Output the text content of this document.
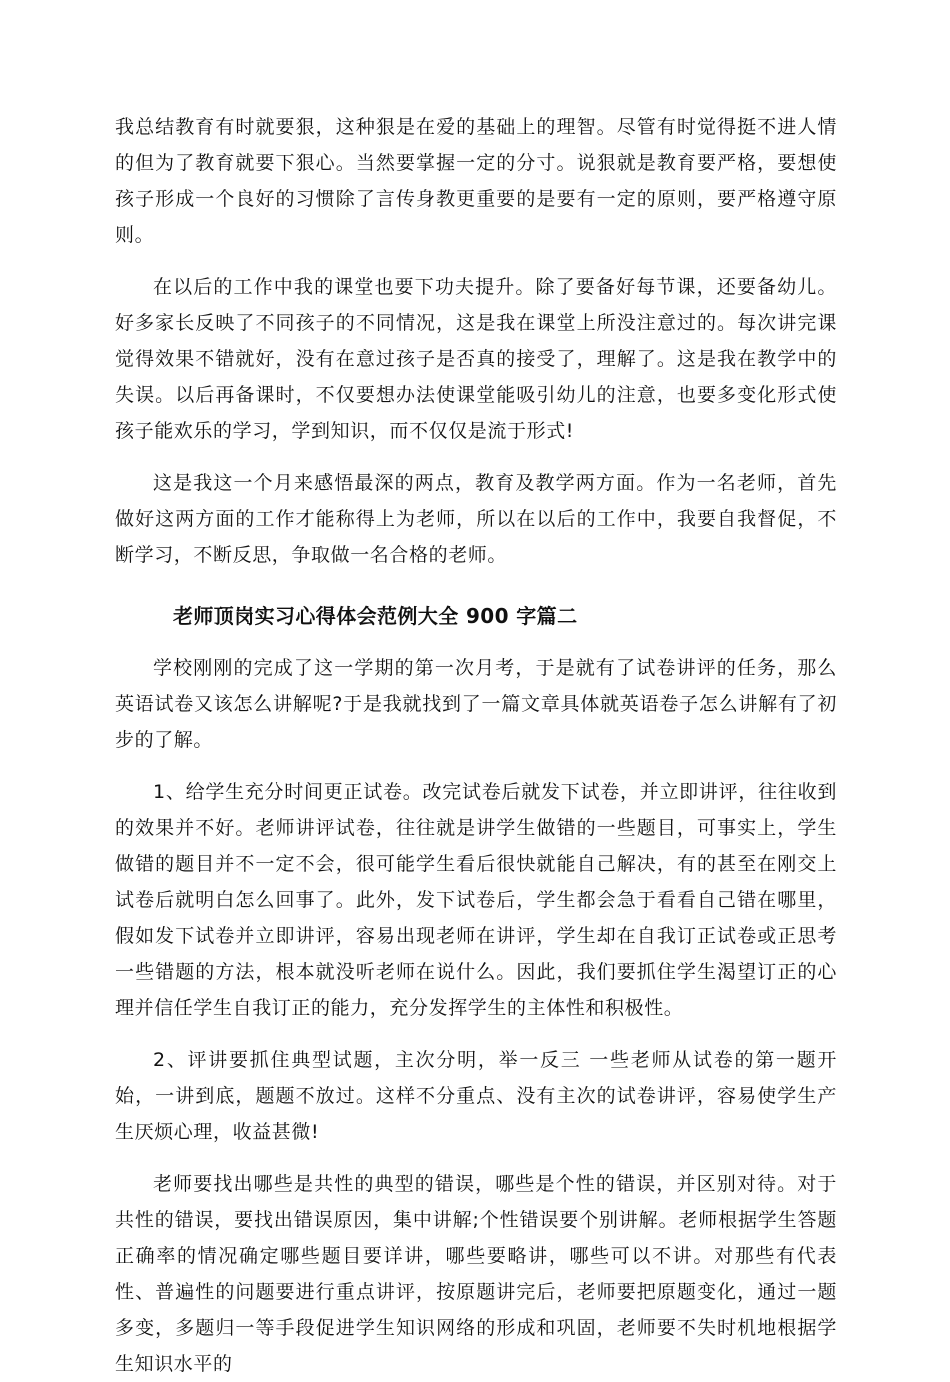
我总结教育有时就要狠，这种狠是在爱的基础上的理智。尽管有时觉得挺不进人情的但为了教育就要下狠心。当然要掌握一定的分寸。说狠就是教育要严格，要想使孩子形成一个良好的习惯除了言传身教更重要的是要有一定的原则，要严格遵守原则。

在以后的工作中我的课堂也要下功夫提升。除了要备好每节课，还要备幼儿。好多家长反映了不同孩子的不同情况，这是我在课堂上所没注意过的。每次讲完课觉得效果不错就好，没有在意过孩子是否真的接受了，理解了。这是我在教学中的失误。以后再备课时，不仅要想办法使课堂能吸引幼儿的注意，也要多变化形式使孩子能欢乐的学习，学到知识，而不仅仅是流于形式!

这是我这一个月来感悟最深的两点，教育及教学两方面。作为一名老师，首先做好这两方面的工作才能称得上为老师，所以在以后的工作中，我要自我督促，不断学习，不断反思，争取做一名合格的老师。

老师顶岗实习心得体会范例大全 900 字篇二

学校刚刚的完成了这一学期的第一次月考，于是就有了试卷讲评的任务，那么英语试卷又该怎么讲解呢?于是我就找到了一篇文章具体就英语卷子怎么讲解有了初步的了解。

1、给学生充分时间更正试卷。改完试卷后就发下试卷，并立即讲评，往往收到的效果并不好。老师讲评试卷，往往就是讲学生做错的一些题目，可事实上，学生做错的题目并不一定不会，很可能学生看后很快就能自己解决，有的甚至在刚交上试卷后就明白怎么回事了。此外，发下试卷后，学生都会急于看看自己错在哪里，假如发下试卷并立即讲评，容易出现老师在讲评，学生却在自我订正试卷或正思考一些错题的方法，根本就没听老师在说什么。因此，我们要抓住学生渴望订正的心理并信任学生自我订正的能力，充分发挥学生的主体性和积极性。

2、评讲要抓住典型试题，主次分明，举一反三 一些老师从试卷的第一题开始，一讲到底，题题不放过。这样不分重点、没有主次的试卷讲评，容易使学生产生厌烦心理，收益甚微!

老师要找出哪些是共性的典型的错误，哪些是个性的错误，并区别对待。对于共性的错误，要找出错误原因，集中讲解;个性错误要个别讲解。老师根据学生答题正确率的情况确定哪些题目要详讲，哪些要略讲，哪些可以不讲。对那些有代表性、普遍性的问题要进行重点讲评，按原题讲完后，老师要把原题变化，通过一题多变，多题归一等手段促进学生知识网络的形成和巩固，老师要不失时机地根据学生知识水平的
